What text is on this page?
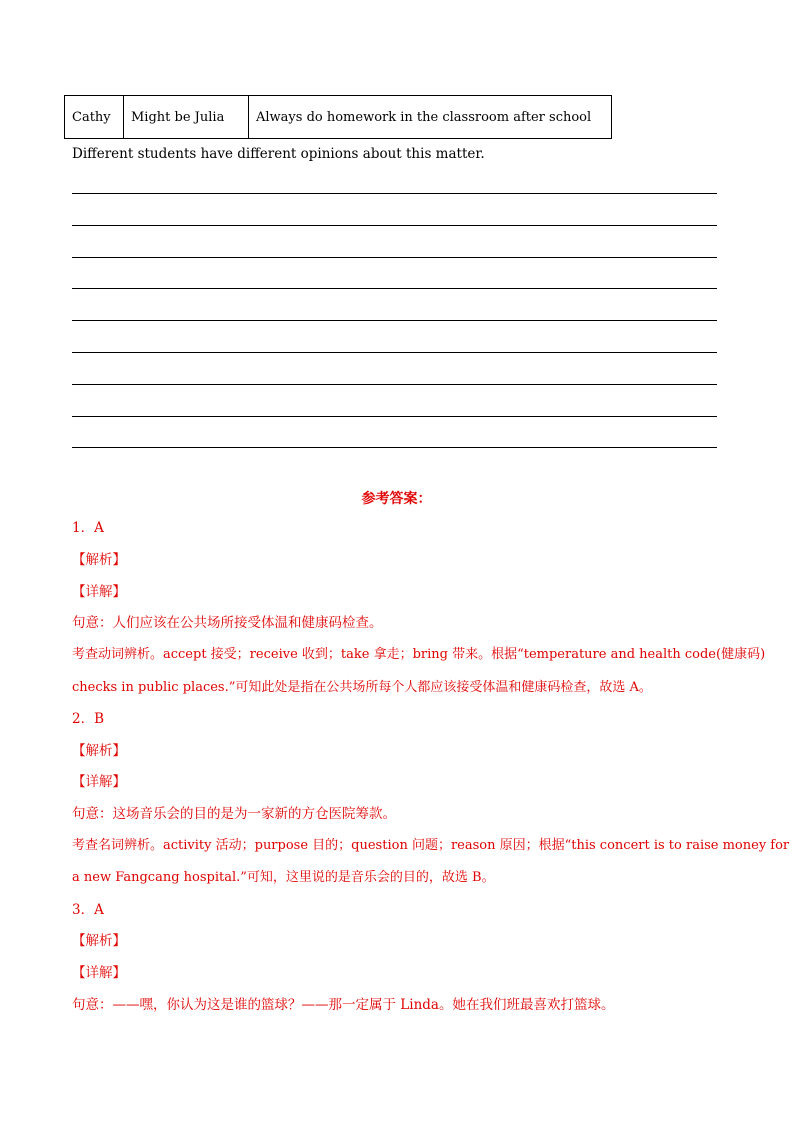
Cathy	Might be Julia	Always do homework in the classroom after school
Different students have different opinions about this matter.
参考答案：
1．A
【解析】
【详解】
句意：人们应该在公共场所接受体温和健康码检查。
考查动词辨析。accept 接受；receive 收到；take 拿走；bring 带来。根据“temperature and health code(健康码)
checks in public places.”可知此处是指在公共场所每个人都应该接受体温和健康码检查，故选 A。
2．B
【解析】
【详解】
句意：这场音乐会的目的是为一家新的方仓医院筹款。
考查名词辨析。activity 活动；purpose 目的；question 问题；reason 原因；根据“this concert is to raise money for
a new Fangcang hospital.”可知，这里说的是音乐会的目的，故选 B。
3．A
【解析】
【详解】
句意：——嘿，你认为这是谁的篮球？——那一定属于 Linda。她在我们班最喜欢打篮球。
